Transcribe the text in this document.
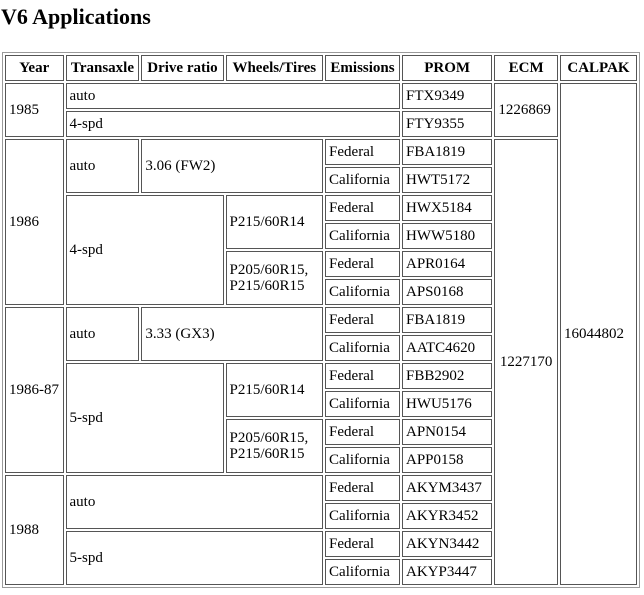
V6 Applications
Year	Transaxle	Drive ratio	Wheels/Tires	Emissions	PROM	ECM	CALPAK
1985	auto				FTX9349	1226869	16044802
	4-spd				FTY9355		
1986	auto	3.06 (FW2)		Federal	FBA1819	1227170	
				California	HWT5172		
	4-spd		P215/60R14	Federal	HWX5184		
				California	HWW5180		
			P205/60R15, P215/60R15	Federal	APR0164		
				California	APS0168		
1986-87	auto	3.33 (GX3)		Federal	FBA1819		
				California	AATC4620		
	5-spd		P215/60R14	Federal	FBB2902		
				California	HWU5176		
			P205/60R15, P215/60R15	Federal	APN0154		
				California	APP0158		
1988	auto			Federal	AKYM3437		
				California	AKYR3452		
	5-spd			Federal	AKYN3442		
				California	AKYP3447		
